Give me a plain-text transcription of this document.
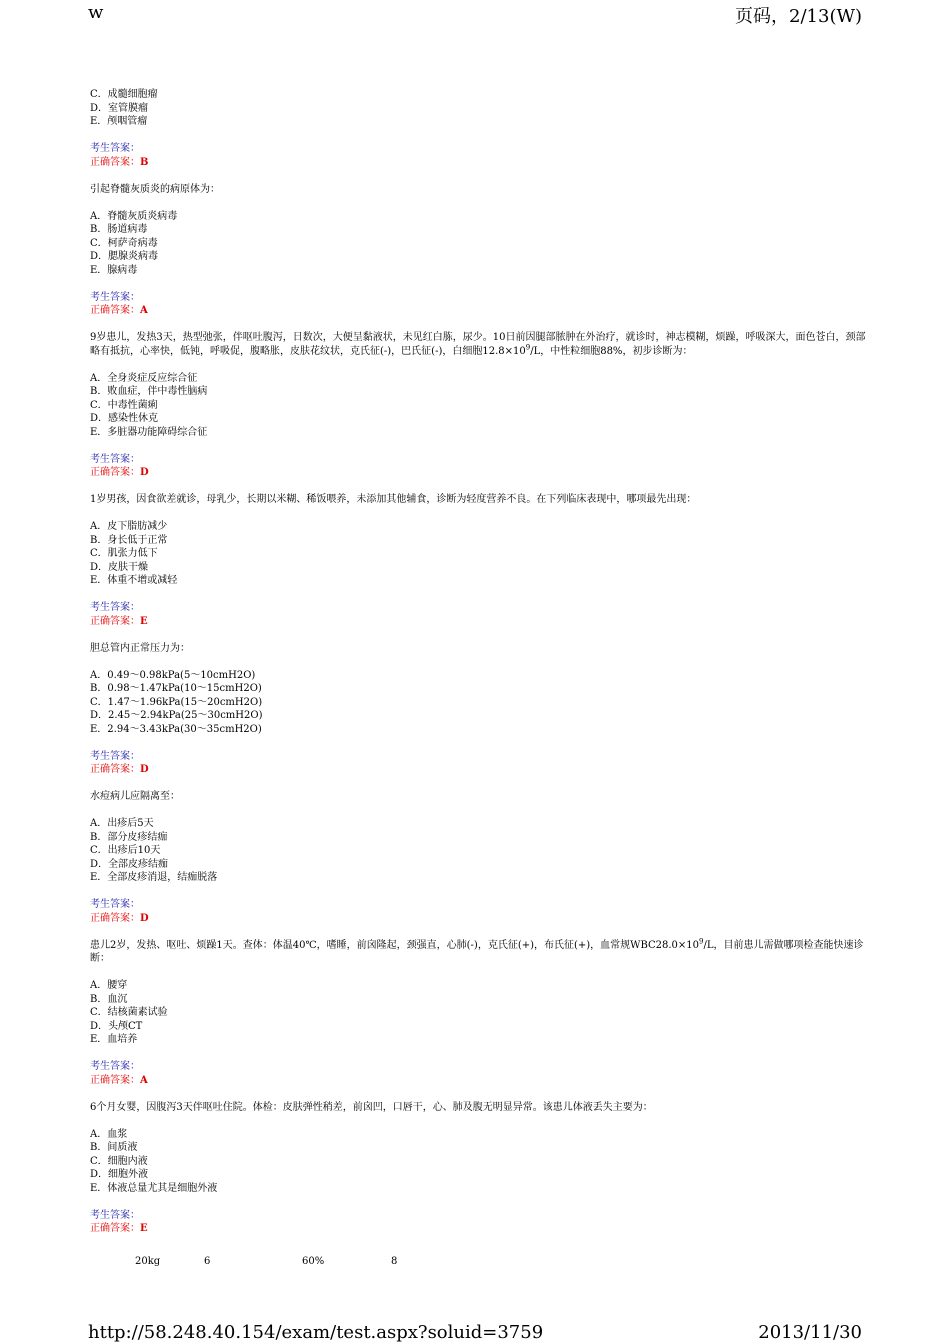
w	页码，2/13(W)
C．成髓细胞瘤
D．室管膜瘤
E．颅咽管瘤
考生答案：
正确答案：B
引起脊髓灰质炎的病原体为：
A．脊髓灰质炎病毒
B．肠道病毒
C．柯萨奇病毒
D．腮腺炎病毒
E．腺病毒
考生答案：
正确答案：A
9岁患儿，发热3天，热型弛张，伴呕吐腹泻，日数次，大便呈黏液状，未见红白胨，尿少。10日前因腿部脓肿在外治疗，就诊时，神志模糊，烦躁，呼吸深大，面色苍白，颈部略有抵抗，心率快，低钝，呼吸促，腹略胀，皮肤花纹状，克氏征(-)，巴氏征(-)，白细胞$12.8\times 10^9/L$，中性粒细胞88%，初步诊断为：
A．全身炎症反应综合征
B．败血症，伴中毒性脑病
C．中毒性菌痢
D．感染性休克
E．多脏器功能障碍综合征
考生答案：
正确答案：D
1岁男孩，因食欲差就诊，母乳少，长期以米糊、稀饭喂养，未添加其他辅食，诊断为轻度营养不良。在下列临床表现中，哪项最先出现：
A．皮下脂肪减少
B．身长低于正常
C．肌张力低下
D．皮肤干燥
E．体重不增或减轻
考生答案：
正确答案：E
胆总管内正常压力为：
A．0.49～0.98kPa(5～10cmH2O)
B．0.98～1.47kPa(10～15cmH2O)
C．1.47～1.96kPa(15～20cmH2O)
D．2.45～2.94kPa(25～30cmH2O)
E．2.94～3.43kPa(30～35cmH2O)
考生答案：
正确答案：D
水痘病儿应隔离至：
A．出疹后5天
B．部分皮疹结痂
C．出疹后10天
D．全部皮疹结痂
E．全部皮疹消退，结痂脱落
考生答案：
正确答案：D
患儿2岁，发热、呕吐、烦躁1天。查体：体温40℃，嗜睡，前囟隆起，颈强直，心肺(-)，克氏征(+)，布氏征(+)，血常规$WBC28.0\times 10^9/L$，目前患儿需做哪项检查能快速诊断：
A．腰穿
B．血沉
C．结核菌素试验
D．头颅CT
E．血培养
考生答案：
正确答案：A
6个月女婴，因腹泻3天伴呕吐住院。体检：皮肤弹性稍差，前囟凹，口唇干，心、肺及腹无明显异常。该患儿体液丢失主要为：
A．血浆
B．间质液
C．细胞内液
D．细胞外液
E．体液总量尤其是细胞外液
考生答案：
正确答案：E
20kg	6	60%	8
http://58.248.40.154/exam/test.aspx?soluid=3759	2013/11/30
